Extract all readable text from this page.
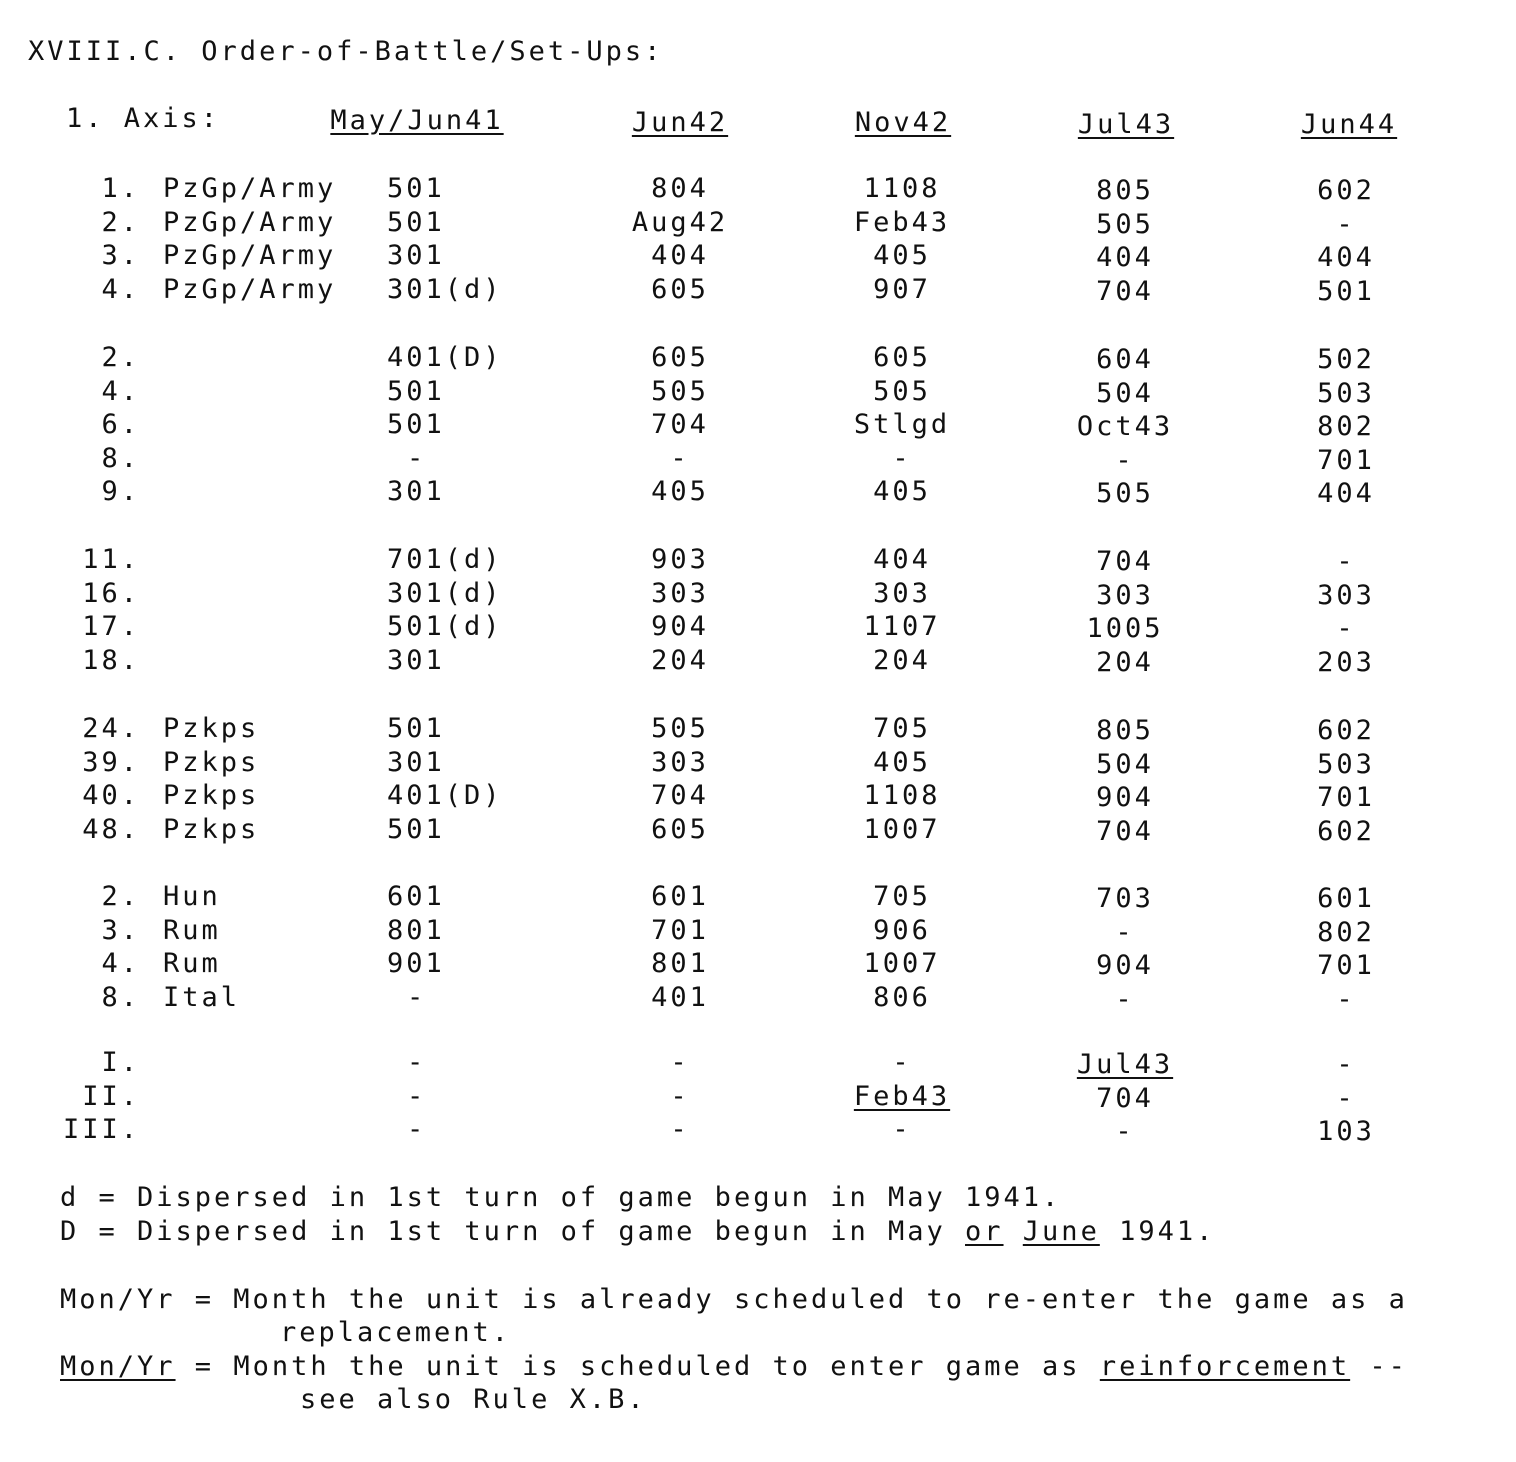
XVIII.C. Order-of-Battle/Set-Ups:
1. Axis:	May/Jun41	Jun42	Nov42	Jul43	Jun44
1. PzGp/Army 501	804	1108	805	602
2. PzGp/Army 501	Aug42	Feb43	505	-
3. PzGp/Army 301	404	405	404	404
4. PzGp/Army 301(d)	605	907	704	501
2.	401(D)	605	605	604	502
4.	501	505	505	504	503
6.	501	704	Stlgd	Oct43	802
8.	-	-	-	-	701
9.	301	405	405	505	404
11.	701(d)	903	404	704	-
16.	301(d)	303	303	303	303
17.	501(d)	904	1107	1005	-
18.	301	204	204	204	203
24. Pzkps	501	505	705	805	602
39. Pzkps	301	303	405	504	503
40. Pzkps	401(D)	704	1108	904	701
48. Pzkps	501	605	1007	704	602
2. Hun	601	601	705	703	601
3. Rum	801	701	906	-	802
4. Rum	901	801	1007	904	701
8. Ital	-	401	806	-	-
I.	-	-	-	Jul43	-
II.	-	-	Feb43	704	-
III.	-	-	-	-	103
d = Dispersed in 1st turn of game begun in May 1941.
D = Dispersed in 1st turn of game begun in May or June 1941.
Mon/Yr = Month the unit is already scheduled to re-enter the game as a
replacement.
Mon/Yr = Month the unit is scheduled to enter game as reinforcement --
see also Rule X.B.
